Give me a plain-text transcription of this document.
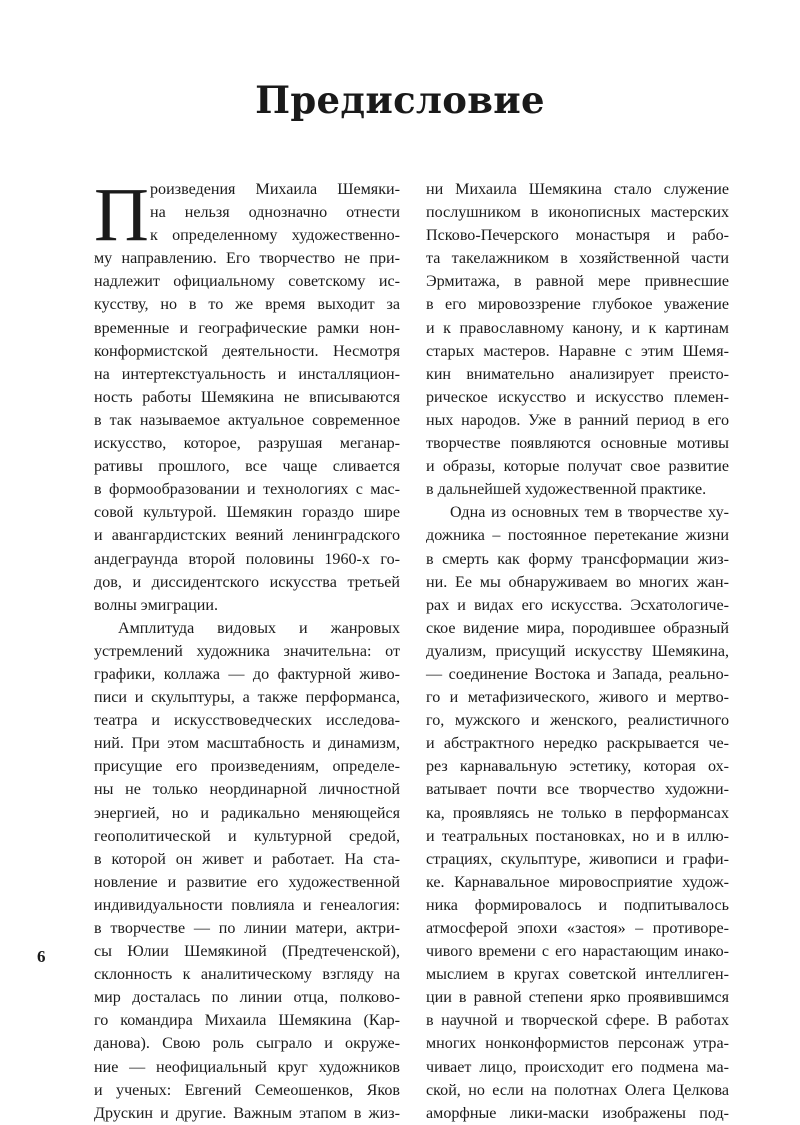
Предисловие
П роизведения Михаила Шемяки-
на нельзя однозначно отнести
к определенному художественно-
му направлению. Его творчество не при-
надлежит официальному советскому ис-
кусству, но в то же время выходит за
временные и географические рамки нон-
конформистской деятельности. Несмотря
на интертекстуальность и инсталляцион-
ность работы Шемякина не вписываются
в так называемое актуальное современное
искусство, которое, разрушая меганар-
ративы прошлого, все чаще сливается
в формообразовании и технологиях с мас-
совой культурой. Шемякин гораздо шире
и авангардистских веяний ленинградского
андеграунда второй половины 1960-х го-
дов, и диссидентского искусства третьей
волны эмиграции.
Амплитуда видовых и жанровых
устремлений художника значительна: от
графики, коллажа — до фактурной живо-
писи и скульптуры, а также перформанса,
театра и искусствоведческих исследова-
ний. При этом масштабность и динамизм,
присущие его произведениям, определе-
ны не только неординарной личностной
энергией, но и радикально меняющейся
геополитической и культурной средой,
в которой он живет и работает. На ста-
новление и развитие его художественной
индивидуальности повлияла и генеалогия:
в творчестве — по линии матери, актри-
сы Юлии Шемякиной (Предтеченской),
склонность к аналитическому взгляду на
мир досталась по линии отца, полково-
го командира Михаила Шемякина (Кар-
данова). Свою роль сыграло и окруже-
ние — неофициальный круг художников
и ученых: Евгений Семеошенков, Яков
Друскин и другие. Важным этапом в жиз-
ни Михаила Шемякина стало служение
послушником в иконописных мастерских
Псково-Печерского монастыря и рабо-
та такелажником в хозяйственной части
Эрмитажа, в равной мере привнесшие
в его мировоззрение глубокое уважение
и к православному канону, и к картинам
старых мастеров. Наравне с этим Шемя-
кин внимательно анализирует преисто-
рическое искусство и искусство племен-
ных народов. Уже в ранний период в его
творчестве появляются основные мотивы
и образы, которые получат свое развитие
в дальнейшей художественной практике.
Одна из основных тем в творчестве ху-
дожника – постоянное перетекание жизни
в смерть как форму трансформации жиз-
ни. Ее мы обнаруживаем во многих жан-
рах и видах его искусства. Эсхатологиче-
ское видение мира, породившее образный
дуализм, присущий искусству Шемякина,
— соединение Востока и Запада, реально-
го и метафизического, живого и мертво-
го, мужского и женского, реалистичного
и абстрактного нередко раскрывается че-
рез карнавальную эстетику, которая ох-
ватывает почти все творчество художни-
ка, проявляясь не только в перформансах
и театральных постановках, но и в иллю-
страциях, скульптуре, живописи и графи-
ке. Карнавальное мировосприятие худож-
ника формировалось и подпитывалось
атмосферой эпохи «застоя» – противоре-
чивого времени с его нарастающим инако-
мыслием в кругах советской интеллиген-
ции в равной степени ярко проявившимся
в научной и творческой сфере. В работах
многих нонконформистов персонаж утра-
чивает лицо, происходит его подмена ма-
ской, но если на полотнах Олега Целкова
аморфные лики-маски изображены под-
6
